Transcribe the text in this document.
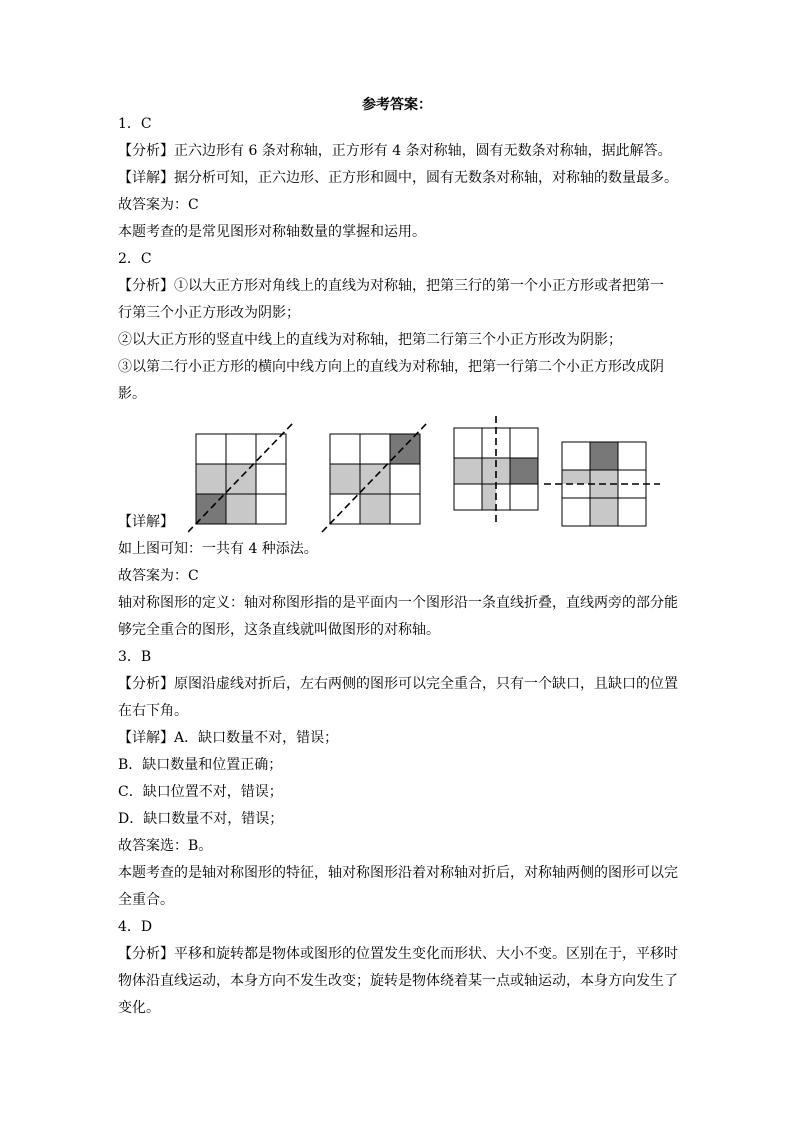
参考答案：
1．C
【分析】正六边形有 6 条对称轴，正方形有 4 条对称轴，圆有无数条对称轴，据此解答。
【详解】据分析可知，正六边形、正方形和圆中，圆有无数条对称轴，对称轴的数量最多。
故答案为：C
本题考查的是常见图形对称轴数量的掌握和运用。
2．C
【分析】①以大正方形对角线上的直线为对称轴，把第三行的第一个小正方形或者把第一
行第三个小正方形改为阴影；
②以大正方形的竖直中线上的直线为对称轴，把第二行第三个小正方形改为阴影；
③以第二行小正方形的横向中线方向上的直线为对称轴，把第一行第二个小正方形改成阴
影。
【详解】
如上图可知：一共有 4 种添法。
故答案为：C
轴对称图形的定义：轴对称图形指的是平面内一个图形沿一条直线折叠，直线两旁的部分能
够完全重合的图形，这条直线就叫做图形的对称轴。
3．B
【分析】原图沿虚线对折后，左右两侧的图形可以完全重合，只有一个缺口，且缺口的位置
在右下角。
【详解】A．缺口数量不对，错误；
B．缺口数量和位置正确；
C．缺口位置不对，错误；
D．缺口数量不对，错误；
故答案选：B。
本题考查的是轴对称图形的特征，轴对称图形沿着对称轴对折后，对称轴两侧的图形可以完
全重合。
4．D
【分析】平移和旋转都是物体或图形的位置发生变化而形状、大小不变。区别在于，平移时
物体沿直线运动，本身方向不发生改变；旋转是物体绕着某一点或轴运动，本身方向发生了
变化。
